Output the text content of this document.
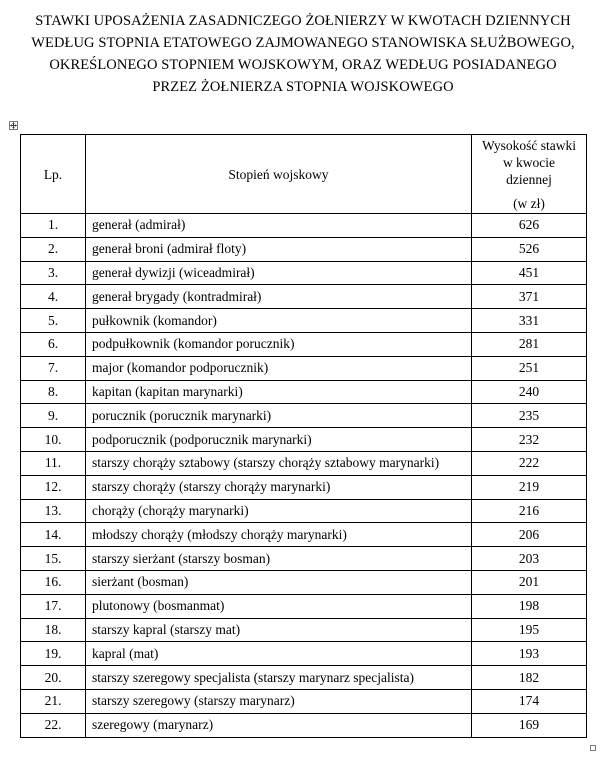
STAWKI UPOSAŻENIA ZASADNICZEGO ŻOŁNIERZY W KWOTACH DZIENNYCH
WEDŁUG STOPNIA ETATOWEGO ZAJMOWANEGO STANOWISKA SŁUŻBOWEGO,
OKREŚLONEGO STOPNIEM WOJSKOWYM, ORAZ WEDŁUG POSIADANEGO
PRZEZ ŻOŁNIERZA STOPNIA WOJSKOWEGO
Lp.	Stopień wojskowy	Wysokość stawki
w kwocie
dziennej
(w zł)

1.	generał (admirał)	626
2.	generał broni (admirał floty)	526
3.	generał dywizji (wiceadmirał)	451
4.	generał brygady (kontradmirał)	371
5.	pułkownik (komandor)	331
6.	podpułkownik (komandor porucznik)	281
7.	major (komandor podporucznik)	251
8.	kapitan (kapitan marynarki)	240
9.	porucznik (porucznik marynarki)	235
10.	podporucznik (podporucznik marynarki)	232
11.	starszy chorąży sztabowy (starszy chorąży sztabowy marynarki)	222
12.	starszy chorąży (starszy chorąży marynarki)	219
13.	chorąży (chorąży marynarki)	216
14.	młodszy chorąży (młodszy chorąży marynarki)	206
15.	starszy sierżant (starszy bosman)	203
16.	sierżant (bosman)	201
17.	plutonowy (bosmanmat)	198
18.	starszy kapral (starszy mat)	195
19.	kapral (mat)	193
20.	starszy szeregowy specjalista (starszy marynarz specjalista)	182
21.	starszy szeregowy (starszy marynarz)	174
22.	szeregowy (marynarz)	169
